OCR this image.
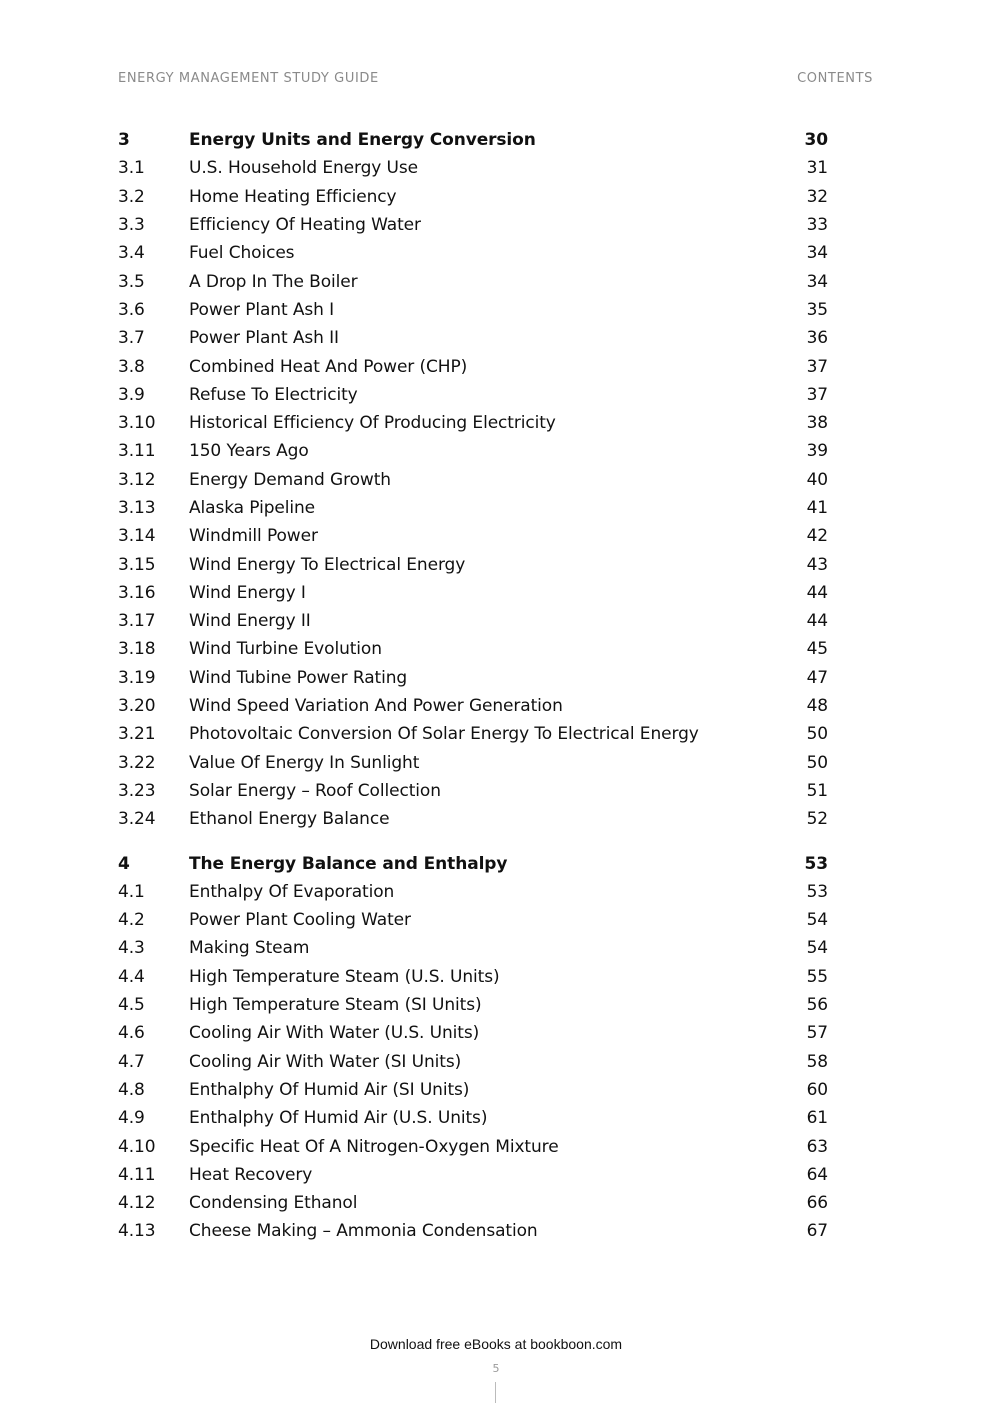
ENERGY MANAGEMENT STUDY GUIDE	CONTENTS
3	Energy Units and Energy Conversion	30
3.1	U.S. Household Energy Use	31
3.2	Home Heating Efficiency	32
3.3	Efficiency Of Heating Water	33
3.4	Fuel Choices	34
3.5	A Drop In The Boiler	34
3.6	Power Plant Ash I	35
3.7	Power Plant Ash II	36
3.8	Combined Heat And Power (CHP)	37
3.9	Refuse To Electricity	37
3.10	Historical Efficiency Of Producing Electricity	38
3.11	150 Years Ago	39
3.12	Energy Demand Growth	40
3.13	Alaska Pipeline	41
3.14	Windmill Power	42
3.15	Wind Energy To Electrical Energy	43
3.16	Wind Energy I	44
3.17	Wind Energy II	44
3.18	Wind Turbine Evolution	45
3.19	Wind Tubine Power Rating	47
3.20	Wind Speed Variation And Power Generation	48
3.21	Photovoltaic Conversion Of Solar Energy To Electrical Energy	50
3.22	Value Of Energy In Sunlight	50
3.23	Solar Energy – Roof Collection	51
3.24	Ethanol Energy Balance	52
4	The Energy Balance and Enthalpy	53
4.1	Enthalpy Of Evaporation	53
4.2	Power Plant Cooling Water	54
4.3	Making Steam	54
4.4	High Temperature Steam (U.S. Units)	55
4.5	High Temperature Steam (SI Units)	56
4.6	Cooling Air With Water (U.S. Units)	57
4.7	Cooling Air With Water (SI Units)	58
4.8	Enthalphy Of Humid Air (SI Units)	60
4.9	Enthalphy Of Humid Air (U.S. Units)	61
4.10	Specific Heat Of A Nitrogen-Oxygen Mixture	63
4.11	Heat Recovery	64
4.12	Condensing Ethanol	66
4.13	Cheese Making – Ammonia Condensation	67
Download free eBooks at bookboon.com
5
